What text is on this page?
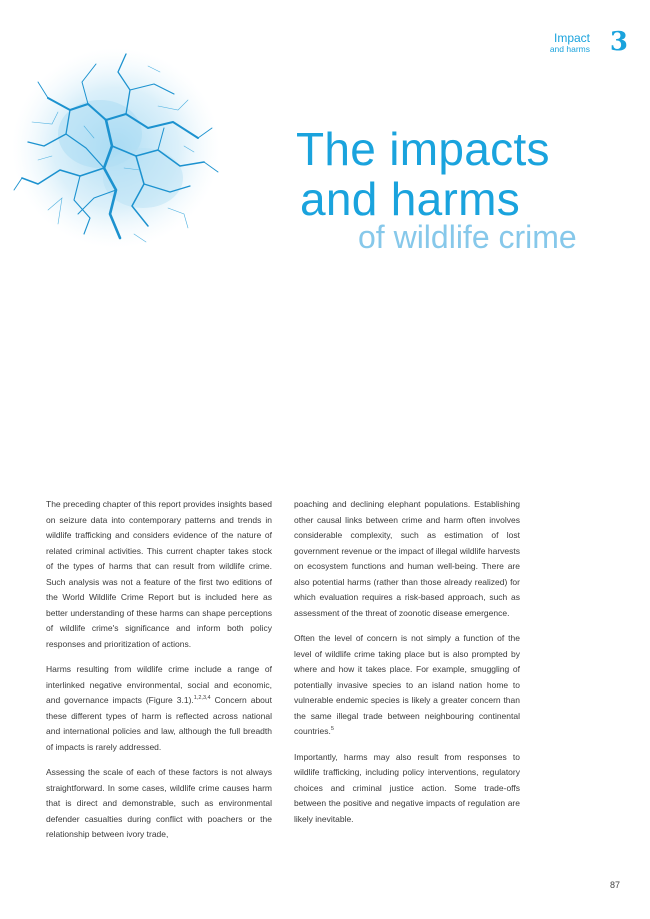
Impact
and harms 3
The impacts
and harms
of wildlife crime

The preceding chapter of this report provides insights based on seizure data into contemporary patterns and trends in wildlife trafficking and considers evidence of the nature of related criminal activities. This current chapter takes stock of the types of harms that can result from wildlife crime. Such analysis was not a feature of the first two editions of the World Wildlife Crime Report but is included here as better understanding of these harms can shape perceptions of wildlife crime's significance and inform both policy responses and prioritization of actions.

Harms resulting from wildlife crime include a range of interlinked negative environmental, social and economic, and governance impacts (Figure 3.1).$^{1,2,3,4}$ Concern about these different types of harm is reflected across national and international policies and law, although the full breadth of impacts is rarely addressed.

Assessing the scale of each of these factors is not always straightforward. In some cases, wildlife crime causes harm that is direct and demonstrable, such as environmental defender casualties during conflict with poachers or the relationship between ivory trade,

poaching and declining elephant populations. Establishing other causal links between crime and harm often involves considerable complexity, such as estimation of lost government revenue or the impact of illegal wildlife harvests on ecosystem functions and human well-being. There are also potential harms (rather than those already realized) for which evaluation requires a risk-based approach, such as assessment of the threat of zoonotic disease emergence.

Often the level of concern is not simply a function of the level of wildlife crime taking place but is also prompted by where and how it takes place. For example, smuggling of potentially invasive species to an island nation home to vulnerable endemic species is likely a greater concern than the same illegal trade between neighbouring continental countries.$^5$

Importantly, harms may also result from responses to wildlife trafficking, including policy interventions, regulatory choices and criminal justice action. Some trade-offs between the positive and negative impacts of regulation are likely inevitable.

87
